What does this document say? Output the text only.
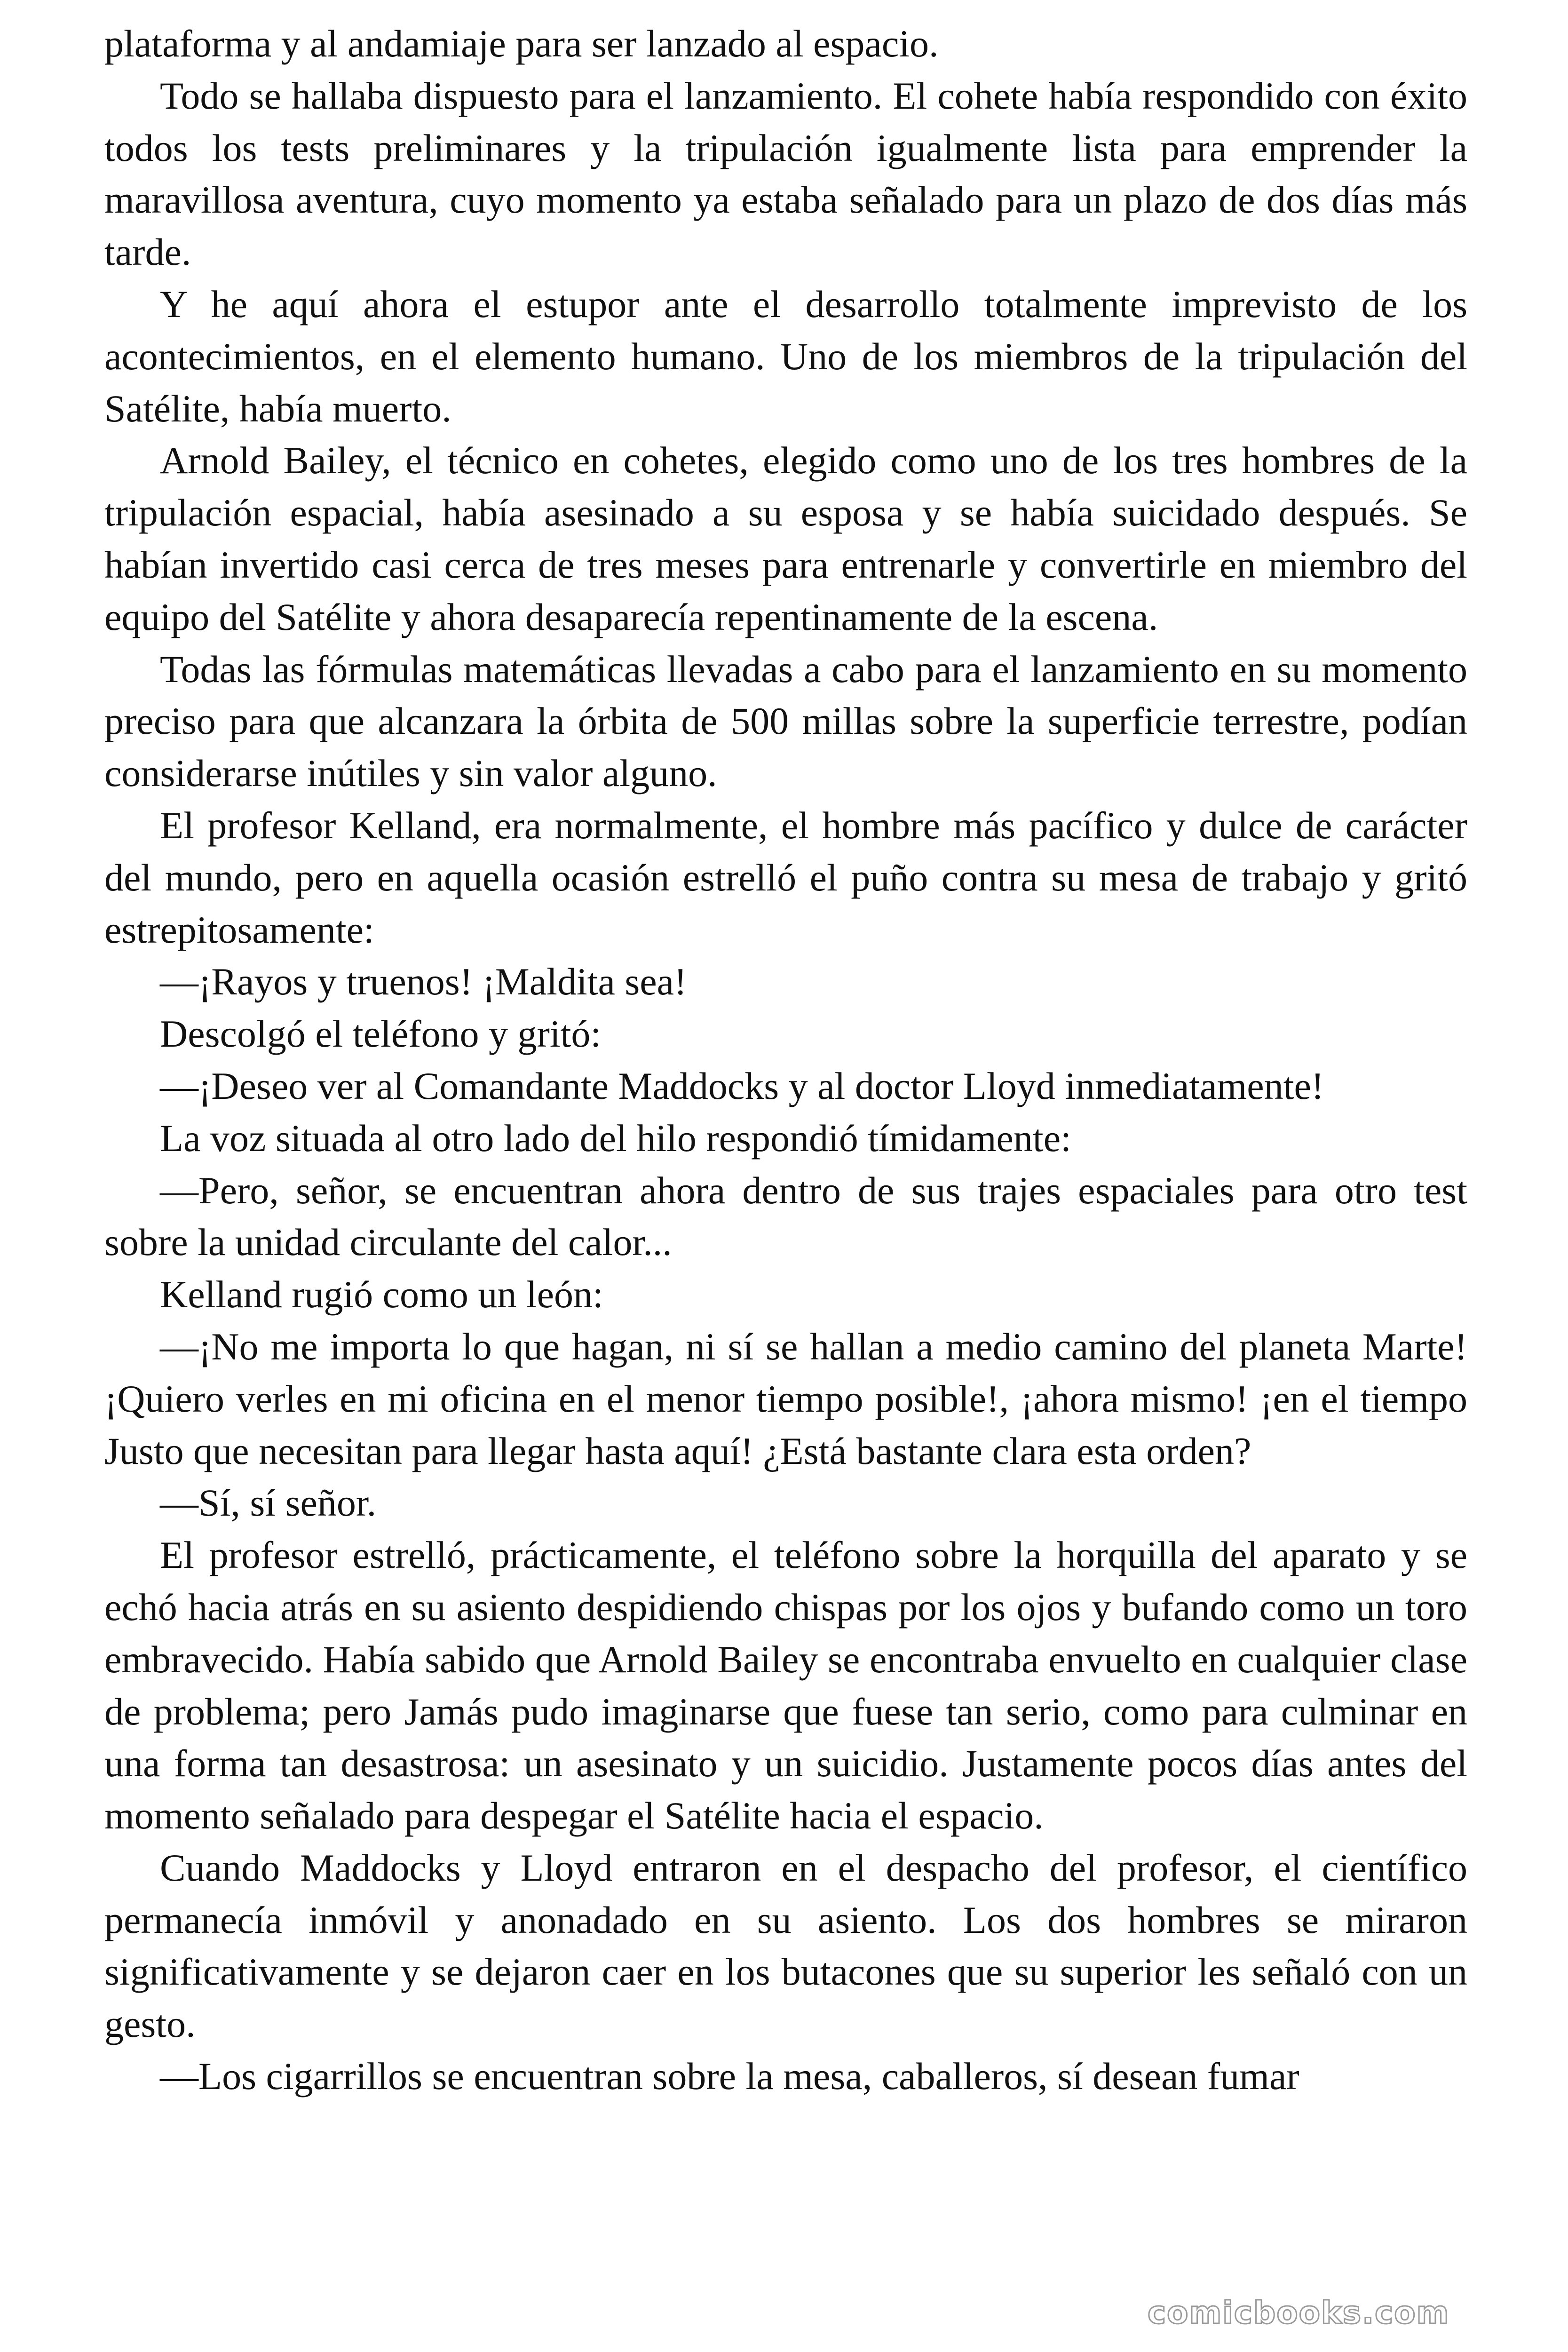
plataforma y al andamiaje para ser lanzado al espacio.

Todo se hallaba dispuesto para el lanzamiento. El cohete había respondido con éxito todos los tests preliminares y la tripulación igualmente lista para emprender la maravillosa aventura, cuyo momento ya estaba señalado para un plazo de dos días más tarde.

Y he aquí ahora el estupor ante el desarrollo totalmente imprevisto de los acontecimientos, en el elemento humano. Uno de los miembros de la tripulación del Satélite, había muerto.

Arnold Bailey, el técnico en cohetes, elegido como uno de los tres hombres de la tripulación espacial, había asesinado a su esposa y se había suicidado después. Se habían invertido casi cerca de tres meses para entrenarle y convertirle en miembro del equipo del Satélite y ahora desaparecía repentinamente de la escena.

Todas las fórmulas matemáticas llevadas a cabo para el lanzamiento en su momento preciso para que alcanzara la órbita de 500 millas sobre la superficie terrestre, podían considerarse inútiles y sin valor alguno.

El profesor Kelland, era normalmente, el hombre más pacífico y dulce de carácter del mundo, pero en aquella ocasión estrelló el puño contra su mesa de trabajo y gritó estrepitosamente:

—¡Rayos y truenos! ¡Maldita sea!

Descolgó el teléfono y gritó:

—¡Deseo ver al Comandante Maddocks y al doctor Lloyd inmediatamente!

La voz situada al otro lado del hilo respondió tímidamente:

—Pero, señor, se encuentran ahora dentro de sus trajes espaciales para otro test sobre la unidad circulante del calor...

Kelland rugió como un león:

—¡No me importa lo que hagan, ni sí se hallan a medio camino del planeta Marte! ¡Quiero verles en mi oficina en el menor tiempo posible!, ¡ahora mismo! ¡en el tiempo Justo que necesitan para llegar hasta aquí! ¿Está bastante clara esta orden?

—Sí, sí señor.

El profesor estrelló, prácticamente, el teléfono sobre la horquilla del aparato y se echó hacia atrás en su asiento despidiendo chispas por los ojos y bufando como un toro embravecido. Había sabido que Arnold Bailey se encontraba envuelto en cualquier clase de problema; pero Jamás pudo imaginarse que fuese tan serio, como para culminar en una forma tan desastrosa: un asesinato y un suicidio. Justamente pocos días antes del momento señalado para despegar el Satélite hacia el espacio.

Cuando Maddocks y Lloyd entraron en el despacho del profesor, el científico permanecía inmóvil y anonadado en su asiento. Los dos hombres se miraron significativamente y se dejaron caer en los butacones que su superior les señaló con un gesto.

—Los cigarrillos se encuentran sobre la mesa, caballeros, sí desean fumar

comicbooks.com
